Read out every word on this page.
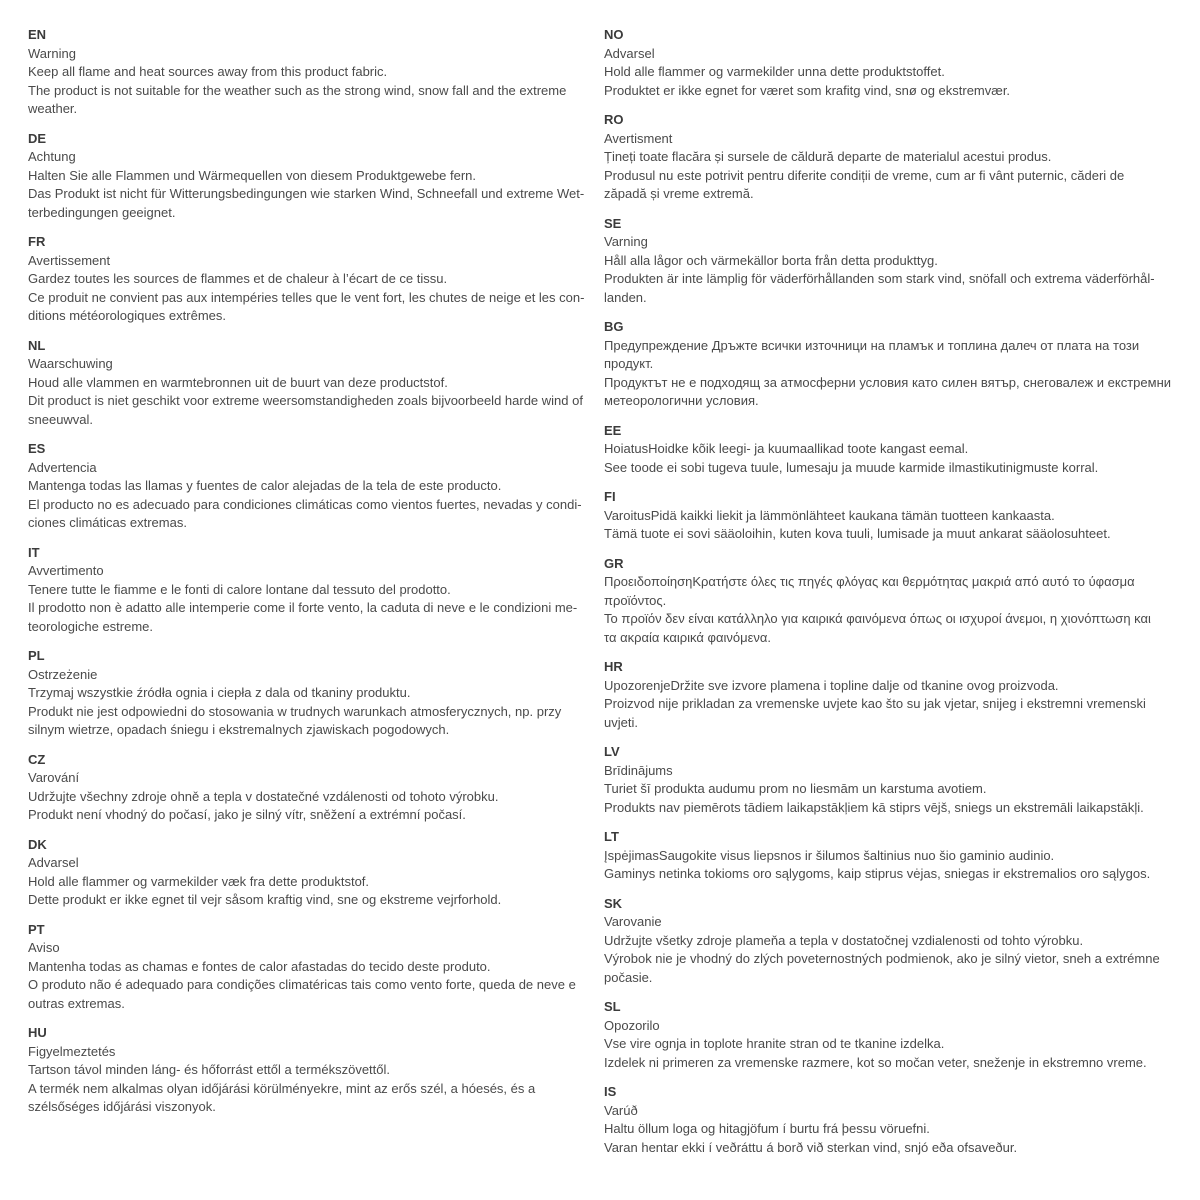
EN
Warning
Keep all flame and heat sources away from this product fabric.
The product is not suitable for the weather such as the strong wind, snow fall and the extreme
weather.
DE
Achtung
Halten Sie alle Flammen und Wärmequellen von diesem Produktgewebe fern.
Das Produkt ist nicht für Witterungsbedingungen wie starken Wind, Schneefall und extreme Wet-
terbedingungen geeignet.
FR
Avertissement
Gardez toutes les sources de flammes et de chaleur à l’écart de ce tissu.
Ce produit ne convient pas aux intempéries telles que le vent fort, les chutes de neige et les con-
ditions météorologiques extrêmes.
NL
Waarschuwing
Houd alle vlammen en warmtebronnen uit de buurt van deze productstof.
Dit product is niet geschikt voor extreme weersomstandigheden zoals bijvoorbeeld harde wind of
sneeuwval.
ES
Advertencia
Mantenga todas las llamas y fuentes de calor alejadas de la tela de este producto.
El producto no es adecuado para condiciones climáticas como vientos fuertes, nevadas y condi-
ciones climáticas extremas.
IT
Avvertimento
Tenere tutte le fiamme e le fonti di calore lontane dal tessuto del prodotto.
Il prodotto non è adatto alle intemperie come il forte vento, la caduta di neve e le condizioni me-
teorologiche estreme.
PL
Ostrzeżenie
Trzymaj wszystkie źródła ognia i ciepła z dala od tkaniny produktu.
Produkt nie jest odpowiedni do stosowania w trudnych warunkach atmosferycznych, np. przy
silnym wietrze, opadach śniegu i ekstremalnych zjawiskach pogodowych.
CZ
Varování
Udržujte všechny zdroje ohně a tepla v dostatečné vzdálenosti od tohoto výrobku.
Produkt není vhodný do počasí, jako je silný vítr, sněžení a extrémní počasí.
DK
Advarsel
Hold alle flammer og varmekilder væk fra dette produktstof.
Dette produkt er ikke egnet til vejr såsom kraftig vind, sne og ekstreme vejrforhold.
PT
Aviso
Mantenha todas as chamas e fontes de calor afastadas do tecido deste produto.
O produto não é adequado para condições climatéricas tais como vento forte, queda de neve e
outras extremas.
HU
Figyelmeztetés
Tartson távol minden láng- és hőforrást ettől a termékszövettől.
A termék nem alkalmas olyan időjárási körülményekre, mint az erős szél, a hóesés, és a
szélsőséges időjárási viszonyok.
NO
Advarsel
Hold alle flammer og varmekilder unna dette produktstoffet.
Produktet er ikke egnet for været som krafitg vind, snø og ekstremvær.
RO
Avertisment
Țineți toate flacăra și sursele de căldură departe de materialul acestui produs.
Produsul nu este potrivit pentru diferite condiții de vreme, cum ar fi vânt puternic, căderi de
zăpadă și vreme extremă.
SE
Varning
Håll alla lågor och värmekällor borta från detta produkttyg.
Produkten är inte lämplig för väderförhållanden som stark vind, snöfall och extrema väderförhål-
landen.
BG
Предупреждение Дръжте всички източници на пламък и топлина далеч от плата на този
продукт.
Продуктът не е подходящ за атмосферни условия като силен вятър, снеговалеж и екстремни
метеорологични условия.
EE
HoiatusHoidke kõik leegi- ja kuumaallikad toote kangast eemal.
See toode ei sobi tugeva tuule, lumesaju ja muude karmide ilmastikutinigmuste korral.
FI
VaroitusPidä kaikki liekit ja lämmönlähteet kaukana tämän tuotteen kankaasta.
Tämä tuote ei sovi sääoloihin, kuten kova tuuli, lumisade ja muut ankarat sääolosuhteet.
GR
ΠροειδοποίησηΚρατήστε όλες τις πηγές φλόγας και θερμότητας μακριά από αυτό το ύφασμα
προϊόντος.
Το προϊόν δεν είναι κατάλληλο για καιρικά φαινόμενα όπως οι ισχυροί άνεμοι, η χιονόπτωση και
τα ακραία καιρικά φαινόμενα.
HR
UpozorenjeDržite sve izvore plamena i topline dalje od tkanine ovog proizvoda.
Proizvod nije prikladan za vremenske uvjete kao što su jak vjetar, snijeg i ekstremni vremenski
uvjeti.
LV
Brīdinājums
Turiet šī produkta audumu prom no liesmām un karstuma avotiem.
Produkts nav piemērots tādiem laikapstākļiem kā stiprs vējš, sniegs un ekstremāli laikapstākļi.
LT
ĮspėjimasSaugokite visus liepsnos ir šilumos šaltinius nuo šio gaminio audinio.
Gaminys netinka tokioms oro sąlygoms, kaip stiprus vėjas, sniegas ir ekstremalios oro sąlygos.
SK
Varovanie
Udržujte všetky zdroje plameňa a tepla v dostatočnej vzdialenosti od tohto výrobku.
Výrobok nie je vhodný do zlých poveternostných podmienok, ako je silný vietor, sneh a extrémne
počasie.
SL
Opozorilo
Vse vire ognja in toplote hranite stran od te tkanine izdelka.
Izdelek ni primeren za vremenske razmere, kot so močan veter, sneženje in ekstremno vreme.
IS
Varúð
Haltu öllum loga og hitagjöfum í burtu frá þessu vöruefni.
Varan hentar ekki í veðráttu á borð við sterkan vind, snjó eða ofsaveður.
